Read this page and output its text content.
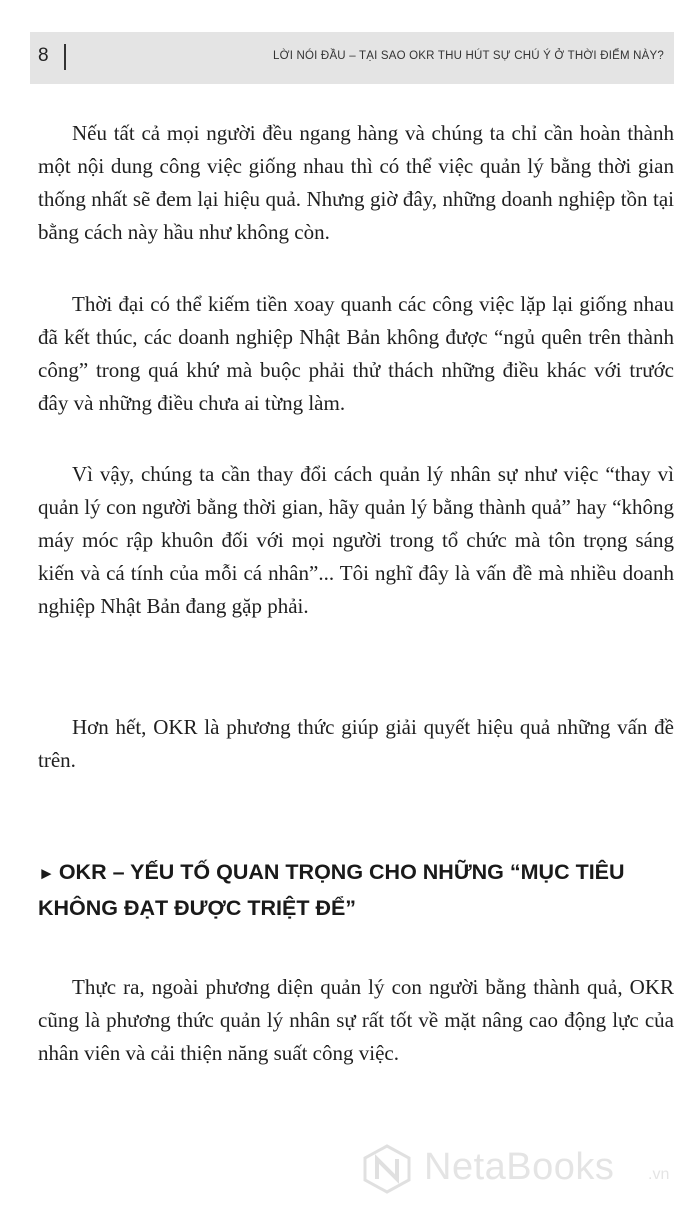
8	LỜI NÓI ĐẦU – TẠI SAO OKR THU HÚT SỰ CHÚ Ý Ở THỜI ĐIỂM NÀY?

Nếu tất cả mọi người đều ngang hàng và chúng ta chỉ cần hoàn thành một nội dung công việc giống nhau thì có thể việc quản lý bằng thời gian thống nhất sẽ đem lại hiệu quả. Nhưng giờ đây, những doanh nghiệp tồn tại bằng cách này hầu như không còn.

Thời đại có thể kiếm tiền xoay quanh các công việc lặp lại giống nhau đã kết thúc, các doanh nghiệp Nhật Bản không được “ngủ quên trên thành công” trong quá khứ mà buộc phải thử thách những điều khác với trước đây và những điều chưa ai từng làm.

Vì vậy, chúng ta cần thay đổi cách quản lý nhân sự như việc “thay vì quản lý con người bằng thời gian, hãy quản lý bằng thành quả” hay “không máy móc rập khuôn đối với mọi người trong tổ chức mà tôn trọng sáng kiến và cá tính của mỗi cá nhân”... Tôi nghĩ đây là vấn đề mà nhiều doanh nghiệp Nhật Bản đang gặp phải.

Hơn hết, OKR là phương thức giúp giải quyết hiệu quả những vấn đề trên.

► OKR – YẾU TỐ QUAN TRỌNG CHO NHỮNG “MỤC TIÊU KHÔNG ĐẠT ĐƯỢC TRIỆT ĐỂ”

Thực ra, ngoài phương diện quản lý con người bằng thành quả, OKR cũng là phương thức quản lý nhân sự rất tốt về mặt nâng cao động lực của nhân viên và cải thiện năng suất công việc.

NetaBooks .vn
